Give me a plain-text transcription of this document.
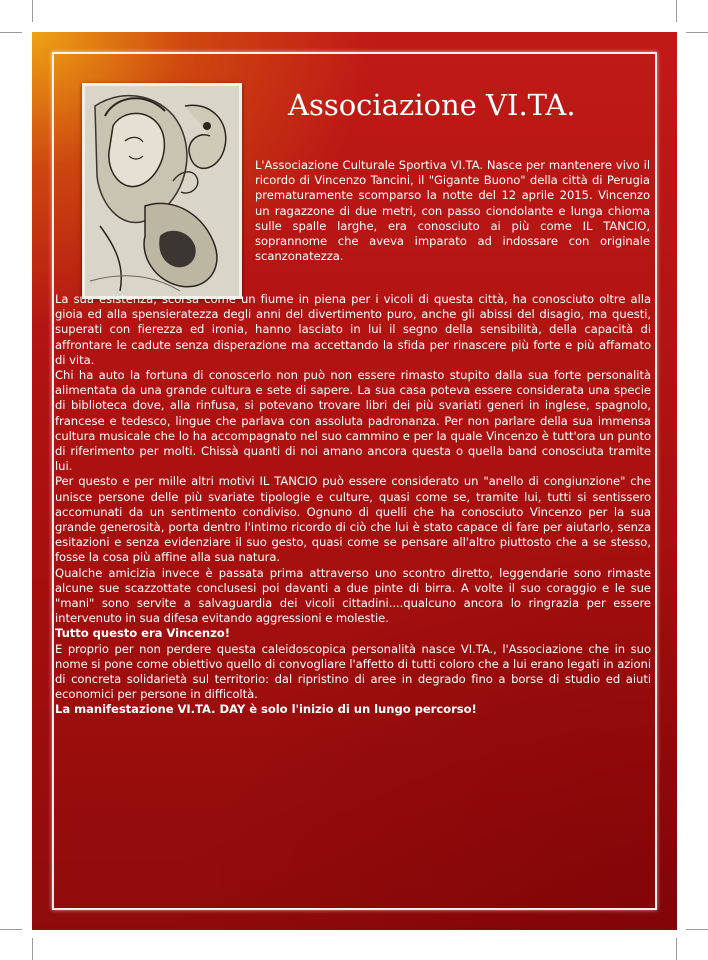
Associazione VI.TA.

L'Associazione Culturale Sportiva VI.TA. Nasce per mantenere vivo il ricordo di Vincenzo Tancini, il "Gigante Buono" della città di Perugia prematuramente scomparso la notte del 12 aprile 2015. Vincenzo un ragazzone di due metri, con passo ciondolante e lunga chioma sulle spalle larghe, era conosciuto ai più come IL TANCIO, soprannome che aveva imparato ad indossare con originale scanzonatezza.

La sua esistenza, scorsa come un fiume in piena per i vicoli di questa città, ha conosciuto oltre alla gioia ed alla spensieratezza degli anni del divertimento puro, anche gli abissi del disagio, ma questi, superati con fierezza ed ironia, hanno lasciato in lui il segno della sensibilità, della capacità di affrontare le cadute senza disperazione ma accettando la sfida per rinascere più forte e più affamato di vita.

Chi ha auto la fortuna di conoscerlo non può non essere rimasto stupito dalla sua forte personalità alimentata da una grande cultura e sete di sapere. La sua casa poteva essere considerata una specie di biblioteca dove, alla rinfusa, si potevano trovare libri dei più svariati generi in inglese, spagnolo, francese e tedesco, lingue che parlava con assoluta padronanza. Per non parlare della sua immensa cultura musicale che lo ha accompagnato nel suo cammino e per la quale Vincenzo è tutt'ora un punto di riferimento per molti. Chissà quanti di noi amano ancora questa o quella band conosciuta tramite lui.

Per questo e per mille altri motivi IL TANCIO può essere considerato un "anello di congiunzione" che unisce persone delle più svariate tipologie e culture, quasi come se, tramite lui, tutti si sentissero accomunati da un sentimento condiviso. Ognuno di quelli che ha conosciuto Vincenzo per la sua grande generosità, porta dentro l'intimo ricordo di ciò che lui è stato capace di fare per aiutarlo, senza esitazioni e senza evidenziare il suo gesto, quasi come se pensare all'altro piuttosto che a se stesso, fosse la cosa più affine alla sua natura.

Qualche amicizia invece è passata prima attraverso uno scontro diretto, leggendarie sono rimaste alcune sue scazzottate conclusesi poi davanti a due pinte di birra. A volte il suo coraggio e le sue "mani" sono servite a salvaguardia dei vicoli cittadini....qualcuno ancora lo ringrazia per essere intervenuto in sua difesa evitando aggressioni e molestie.

Tutto questo era Vincenzo!

E proprio per non perdere questa caleidoscopica personalità nasce VI.TA., l'Associazione che in suo nome si pone come obiettivo quello di convogliare l'affetto di tutti coloro che a lui erano legati in azioni di concreta solidarietà sul territorio: dal ripristino di aree in degrado fino a borse di studio ed aiuti economici per persone in difficoltà.

La manifestazione VI.TA. DAY è solo l'inizio di un lungo percorso!
